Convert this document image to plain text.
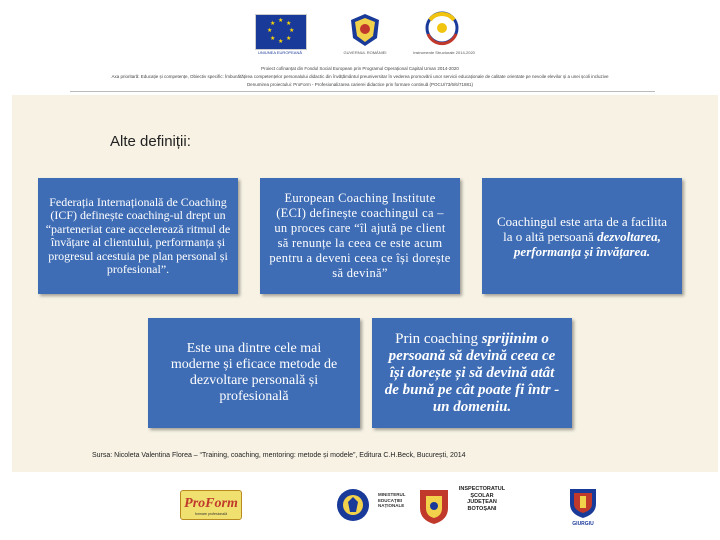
★ ★
★
★
★
★
★
★
UNIUNEA EUROPEANĂ	GUVERNUL ROMÂNIEI	Instrumente Structurale 2014-2020
Proiect cofinanțat din Fondul Social European prin Programul Operațional Capital Uman 2014-2020
Axa prioritară: Educație și competențe, Obiectiv specific: Îmbunătățirea competențelor personalului didactic din învățământul preuniversitar în vederea promovării unor servicii educaționale de calitate orientate pe nevoile elevilor și a unei școli incluzive
Denumirea proiectului: ProForm - Profesionalizarea carierei didactice prin formare continuă (POCU/73/6/6/71881)
Alte definiții:
Federația Internațională de Coaching (ICF) definește coaching-ul drept un “parteneriat care accelerează ritmul de învățare al clientului, performanța și progresul acestuia pe plan personal și profesional”.
European Coaching Institute (ECI) definește coachingul ca – un proces care “îl ajută pe client să renunțe la ceea ce este acum pentru a deveni ceea ce își dorește să devină”
Coachingul este arta de a facilita la o altă persoană dezvoltarea, performanța și învățarea.
Este una dintre cele mai moderne și eficace metode de dezvoltare personală și profesională
Prin coaching sprijinim o persoană să devină ceea ce își dorește și să devină atât de bună pe cât poate fi într -un domeniu.
Sursa: Nicoleta Valentina Florea – “Training, coaching, mentoring: metode și modele”, Editura C.H.Beck, București, 2014
ProForm
formare profesională
MINISTERUL EDUCAȚIEI NAȚIONALE
INSPECTORATUL ȘCOLAR JUDEȚEAN BOTOȘANI
GIURGIU
